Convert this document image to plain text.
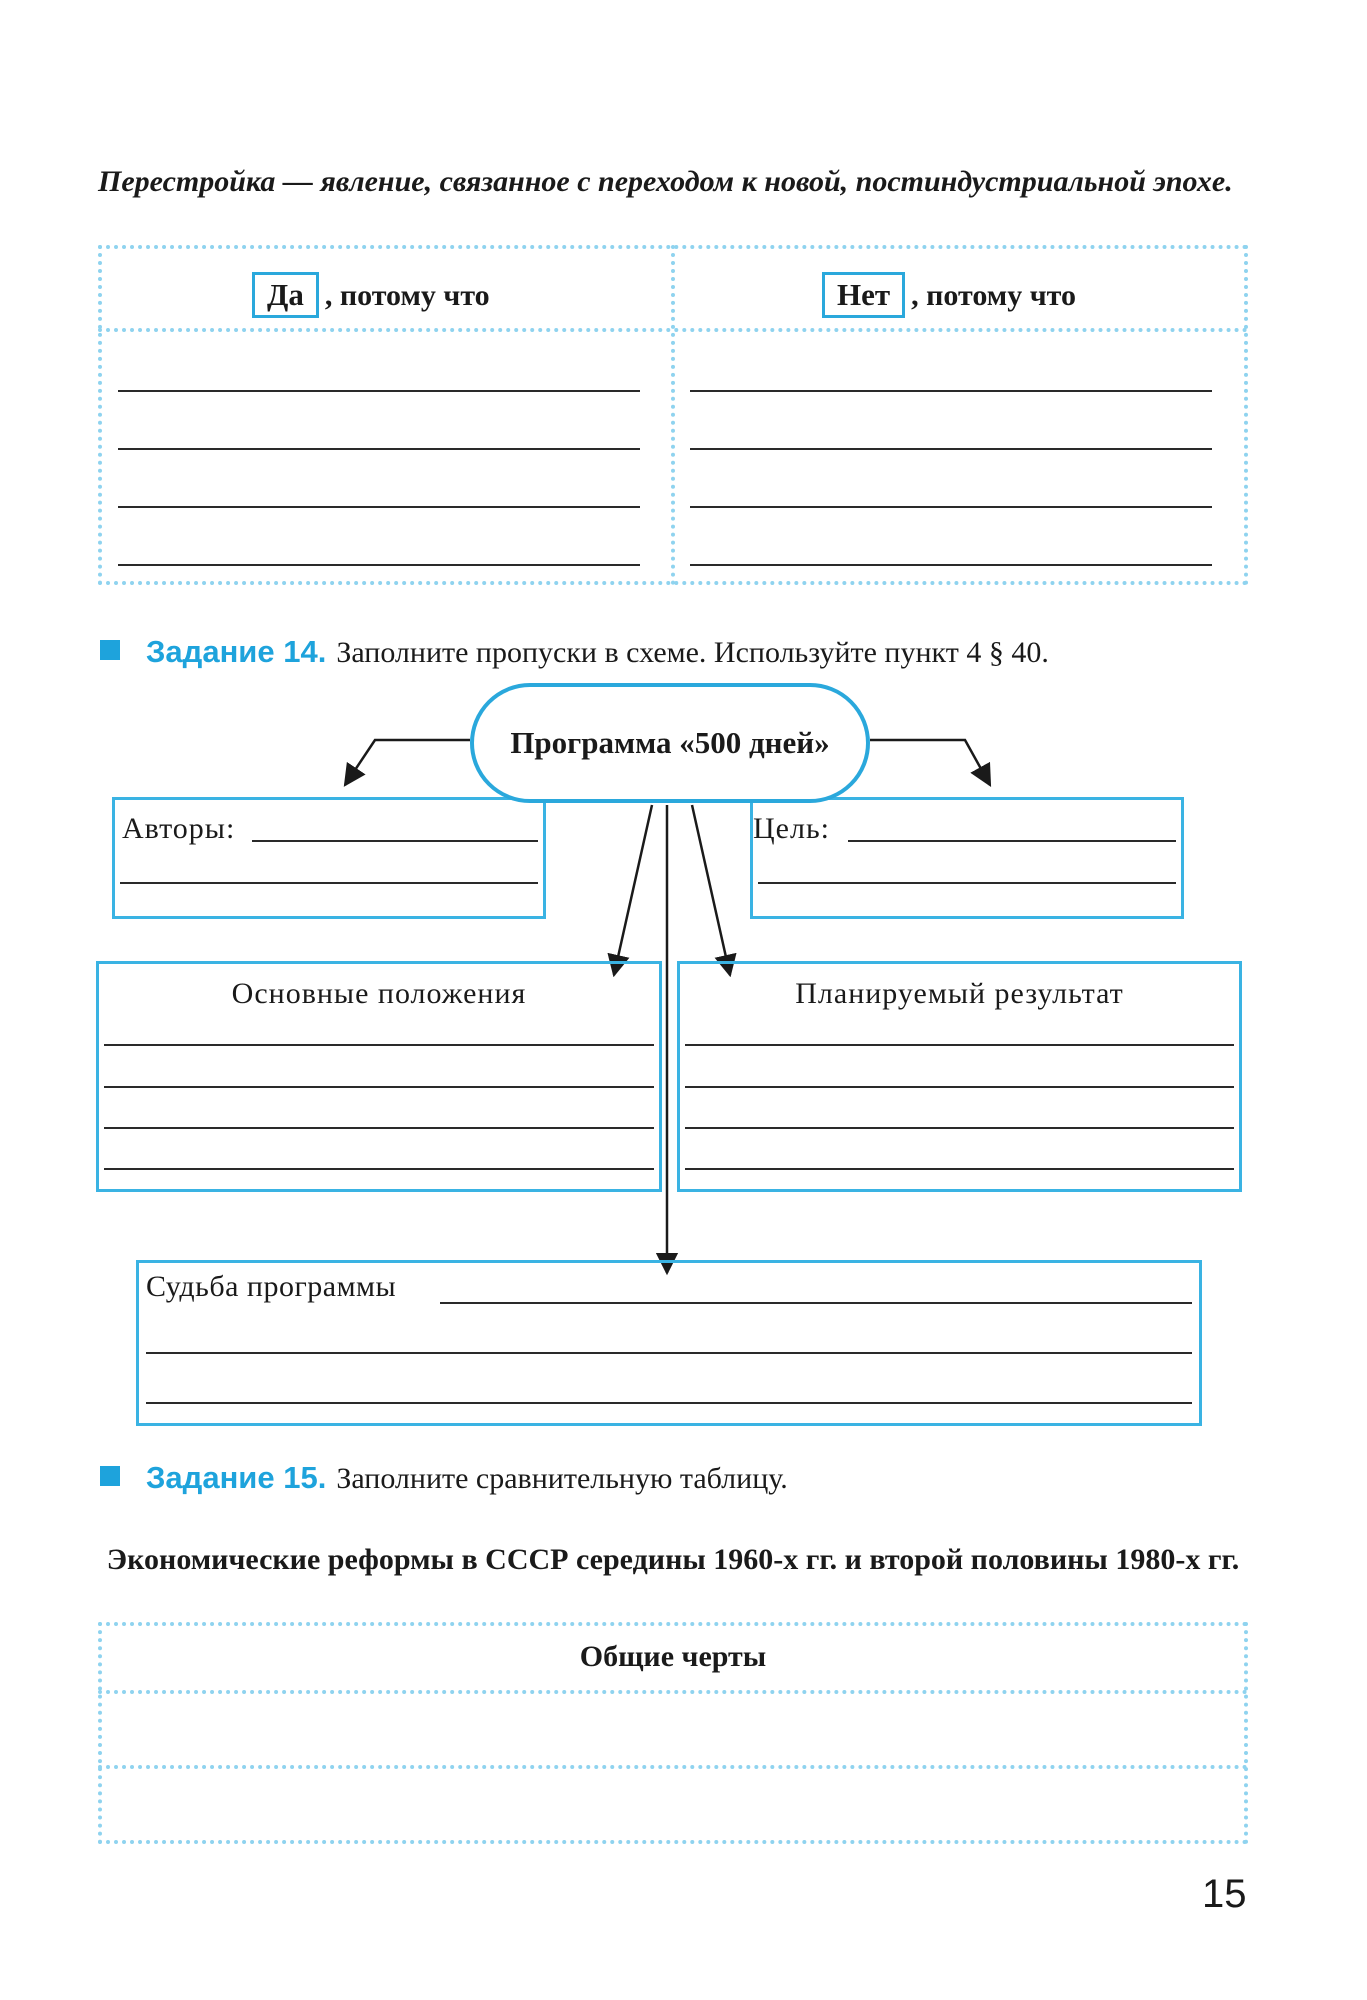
Перестройка — явление, связанное с переходом к новой, постиндустриальной эпохе.
Да , потому что	Нет , потому что
Задание 14. Заполните пропуски в схеме. Используйте пункт 4 § 40.
Программа «500 дней»
Авторы:	Цель:
Основные положения	Планируемый результат
Судьба программы
Задание 15. Заполните сравнительную таблицу.
Экономические реформы в СССР середины 1960-х гг. и второй половины 1980-х гг.
Общие черты
15
